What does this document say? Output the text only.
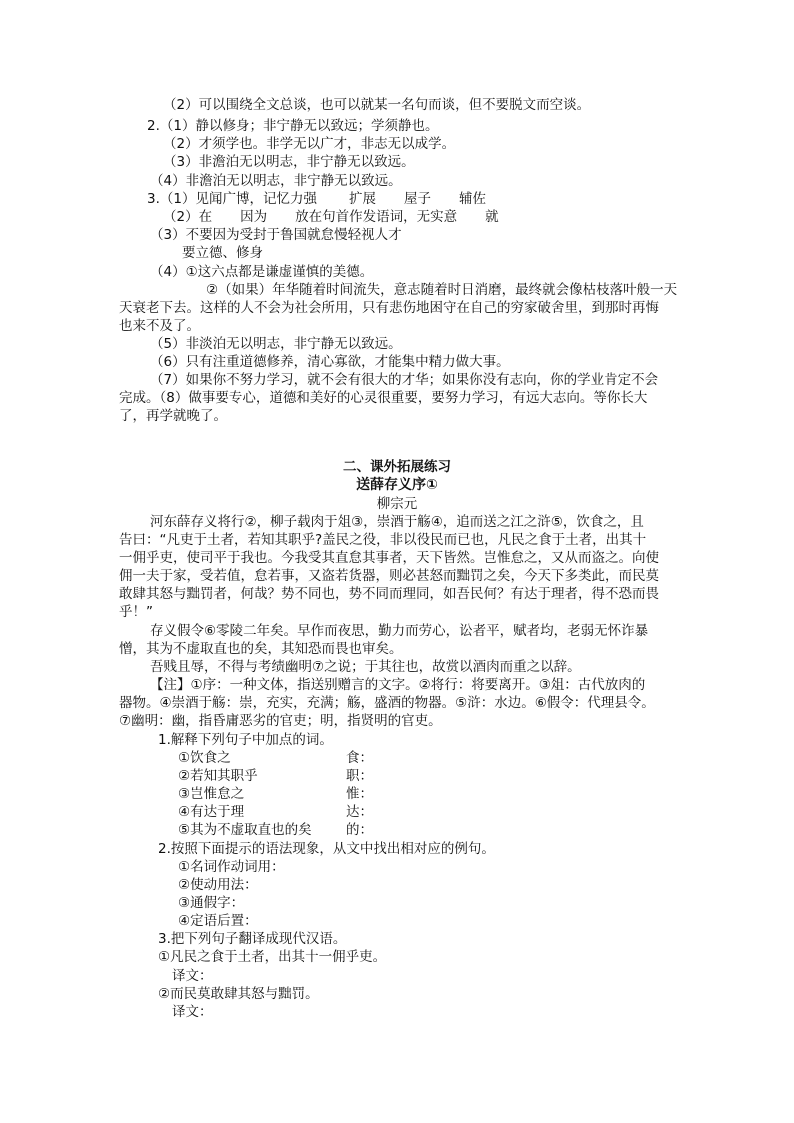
（2）可以围绕全文总谈，也可以就某一名句而谈，但不要脱文而空谈。
2.（1）静以修身；非宁静无以致远；学须静也。
（2）才须学也。非学无以广才，非志无以成学。
（3）非澹泊无以明志，非宁静无以致远。
（4）非澹泊无以明志，非宁静无以致远。
3.（1）见闻广博，记忆力强 扩展 屋子 辅佐
（2）在 因为 放在句首作发语词，无实意 就
（3）不要因为受封于鲁国就怠慢轻视人才
要立德、修身
（4）①这六点都是谦虚谨慎的美德。
②（如果）年华随着时间流失，意志随着时日消磨，最终就会像枯枝落叶般一天
天衰老下去。这样的人不会为社会所用，只有悲伤地困守在自己的穷家破舍里，到那时再悔
也来不及了。
（5）非淡泊无以明志，非宁静无以致远。
（6）只有注重道德修养，清心寡欲，才能集中精力做大事。
（7）如果你不努力学习，就不会有很大的才华；如果你没有志向，你的学业肯定不会
完成。（8）做事要专心，道德和美好的心灵很重要，要努力学习，有远大志向。等你长大
了，再学就晚了。
二、课外拓展练习
送薛存义序①
柳宗元
河东薛存义将行②，柳子载肉于俎③，崇酒于觞④，追而送之江之浒⑤，饮食之，且
告曰：“凡吏于土者，若知其职乎?盖民之役，非以役民而已也，凡民之食于土者，出其十
一佣乎吏，使司平于我也。今我受其直怠其事者，天下皆然。岂惟怠之，又从而盗之。向使
佣一夫于家，受若值，怠若事，又盗若货器，则必甚怒而黜罚之矣，今天下多类此，而民莫
敢肆其怒与黜罚者，何哉？势不同也，势不同而理同，如吾民何？有达于理者，得不恐而畏
乎！”
存义假令⑥零陵二年矣。早作而夜思，勤力而劳心，讼者平，赋者均，老弱无怀诈暴
憎，其为不虚取直也的矣，其知恐而畏也审矣。
吾贱且辱，不得与考绩幽明⑦之说；于其往也，故赏以酒肉而重之以辞。
【注】①序：一种文体，指送别赠言的文字。②将行：将要离开。③俎：古代放肉的
器物。④崇酒于觞：崇，充实，充满；觞，盛酒的物器。⑤浒：水边。⑥假令：代理县令。
⑦幽明：幽，指昏庸恶劣的官吏；明，指贤明的官吏。
1.解释下列句子中加点的词。
①饮食之	食：
②若知其职乎	职：
③岂惟怠之	惟：
④有达于理	达：
⑤其为不虚取直也的矣	的：
2.按照下面提示的语法现象，从文中找出相对应的例句。
①名词作动词用：
②使动用法：
③通假字：
④定语后置：
3.把下列句子翻译成现代汉语。
①凡民之食于土者，出其十一佣乎吏。
译文：
②而民莫敢肆其怒与黜罚。
译文：
